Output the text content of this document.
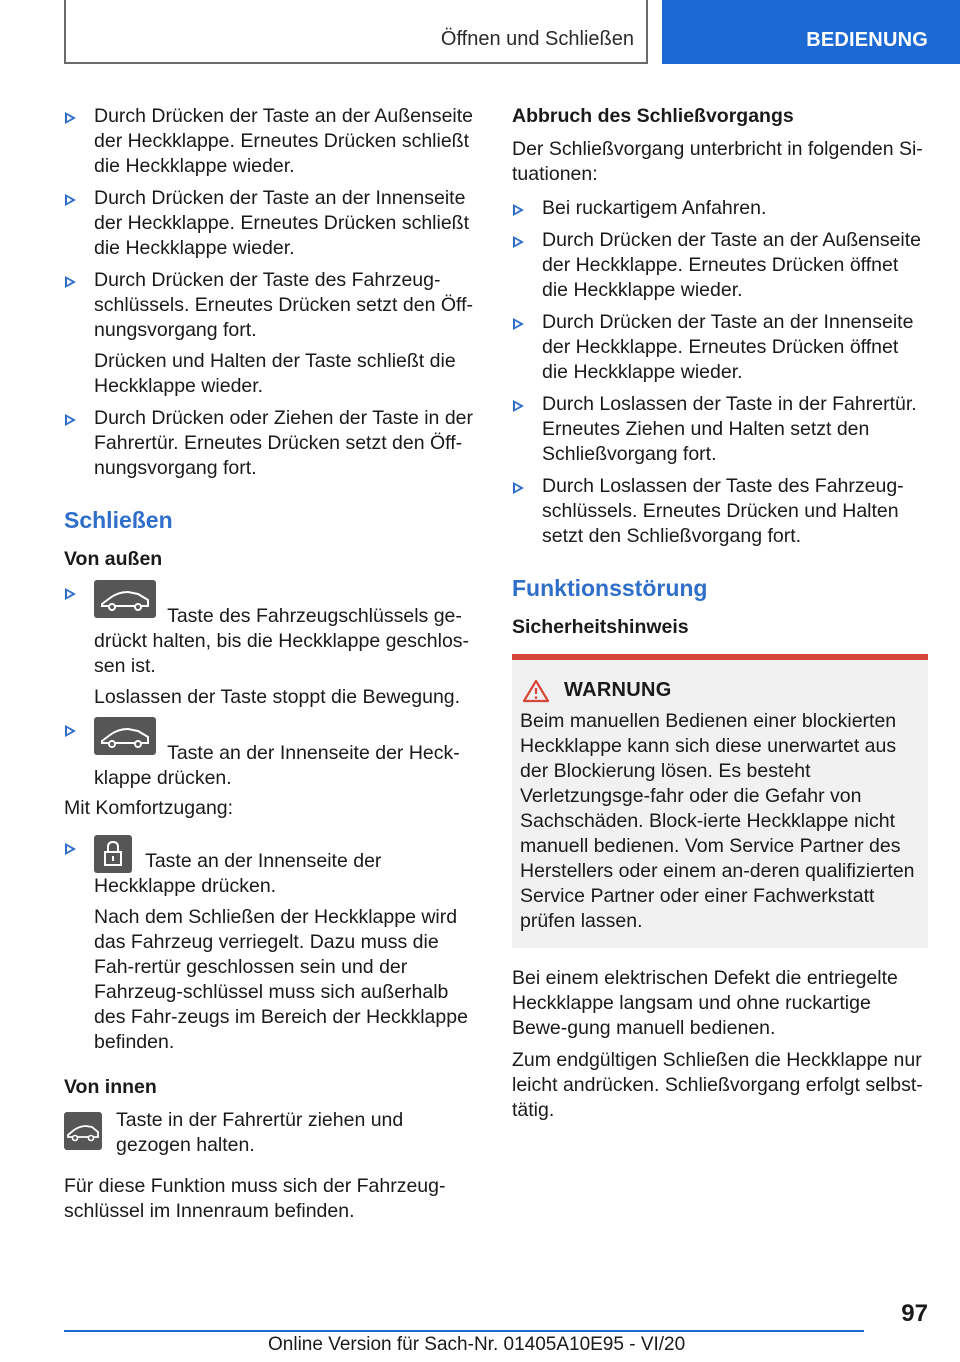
Öffnen und Schließen	BEDIENUNG
Durch Drücken der Taste an der Außenseite der Heckklappe. Erneutes Drücken schließt die Heckklappe wieder.
Durch Drücken der Taste an der Innenseite der Heckklappe. Erneutes Drücken schließt die Heckklappe wieder.
Durch Drücken der Taste des Fahrzeug-schlüssels. Erneutes Drücken setzt den Öff-nungsvorgang fort.

Drücken und Halten der Taste schließt die Heckklappe wieder.

Durch Drücken oder Ziehen der Taste in der Fahrertür. Erneutes Drücken setzt den Öff-nungsvorgang fort.
Schließen
Von außen
Taste des Fahrzeugschlüssels ge-drückt halten, bis die Heckklappe geschlos-sen ist.

Loslassen der Taste stoppt die Bewegung.

Taste an der Innenseite der Heck-klappe drücken.

Mit Komfortzugang:

Taste an der Innenseite der Heckklappe drücken.

Nach dem Schließen der Heckklappe wird das Fahrzeug verriegelt. Dazu muss die Fah-rertür geschlossen sein und der Fahrzeug-schlüssel muss sich außerhalb des Fahr-zeugs im Bereich der Heckklappe befinden.

Von innen
Taste in der Fahrertür ziehen und gezogen halten.

Für diese Funktion muss sich der Fahrzeug-schlüssel im Innenraum befinden.

Abbruch des Schließvorgangs

Der Schließvorgang unterbricht in folgenden Si-tuationen:

Bei ruckartigem Anfahren.
Durch Drücken der Taste an der Außenseite der Heckklappe. Erneutes Drücken öffnet die Heckklappe wieder.
Durch Drücken der Taste an der Innenseite der Heckklappe. Erneutes Drücken öffnet die Heckklappe wieder.
Durch Loslassen der Taste in der Fahrertür. Erneutes Ziehen und Halten setzt den Schließvorgang fort.
Durch Loslassen der Taste des Fahrzeug-schlüssels. Erneutes Drücken und Halten setzt den Schließvorgang fort.
Funktionsstörung
Sicherheitshinweis
WARNUNG
Beim manuellen Bedienen einer blockierten Heckklappe kann sich diese unerwartet aus der Blockierung lösen. Es besteht Verletzungsge-fahr oder die Gefahr von Sachschäden. Block-ierte Heckklappe nicht manuell bedienen. Vom Service Partner des Herstellers oder einem an-deren qualifizierten Service Partner oder einer Fachwerkstatt prüfen lassen.

Bei einem elektrischen Defekt die entriegelte Heckklappe langsam und ohne ruckartige Bewe-gung manuell bedienen.

Zum endgültigen Schließen die Heckklappe nur leicht andrücken. Schließvorgang erfolgt selbst-tätig.

97
Online Version für Sach-Nr. 01405A10E95 - VI/20
